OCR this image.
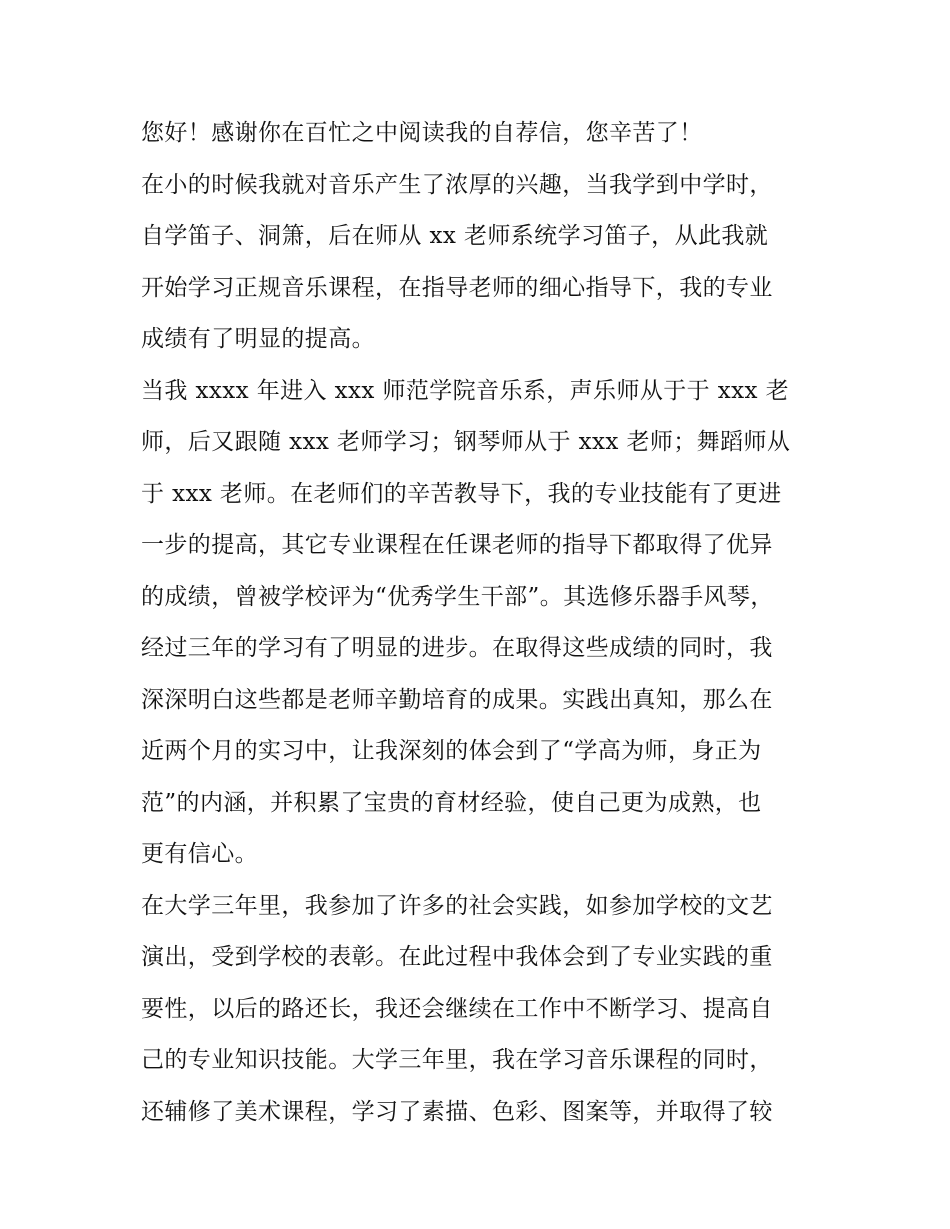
您好！感谢你在百忙之中阅读我的自荐信，您辛苦了！

在小的时候我就对音乐产生了浓厚的兴趣，当我学到中学时，
自学笛子、洞箫，后在师从 xx 老师系统学习笛子，从此我就
开始学习正规音乐课程，在指导老师的细心指导下，我的专业
成绩有了明显的提高。

当我 xxxx 年进入 xxx 师范学院音乐系，声乐师从于于 xxx 老
师，后又跟随 xxx 老师学习；钢琴师从于 xxx 老师；舞蹈师从
于 xxx 老师。在老师们的辛苦教导下，我的专业技能有了更进
一步的提高，其它专业课程在任课老师的指导下都取得了优异
的成绩，曾被学校评为“优秀学生干部”。其选修乐器手风琴，
经过三年的学习有了明显的进步。在取得这些成绩的同时，我
深深明白这些都是老师辛勤培育的成果。实践出真知，那么在
近两个月的实习中，让我深刻的体会到了“学高为师，身正为
范”的内涵，并积累了宝贵的育材经验，使自己更为成熟，也
更有信心。

在大学三年里，我参加了许多的社会实践，如参加学校的文艺
演出，受到学校的表彰。在此过程中我体会到了专业实践的重
要性，以后的路还长，我还会继续在工作中不断学习、提高自
己的专业知识技能。大学三年里，我在学习音乐课程的同时，
还辅修了美术课程，学习了素描、色彩、图案等，并取得了较
